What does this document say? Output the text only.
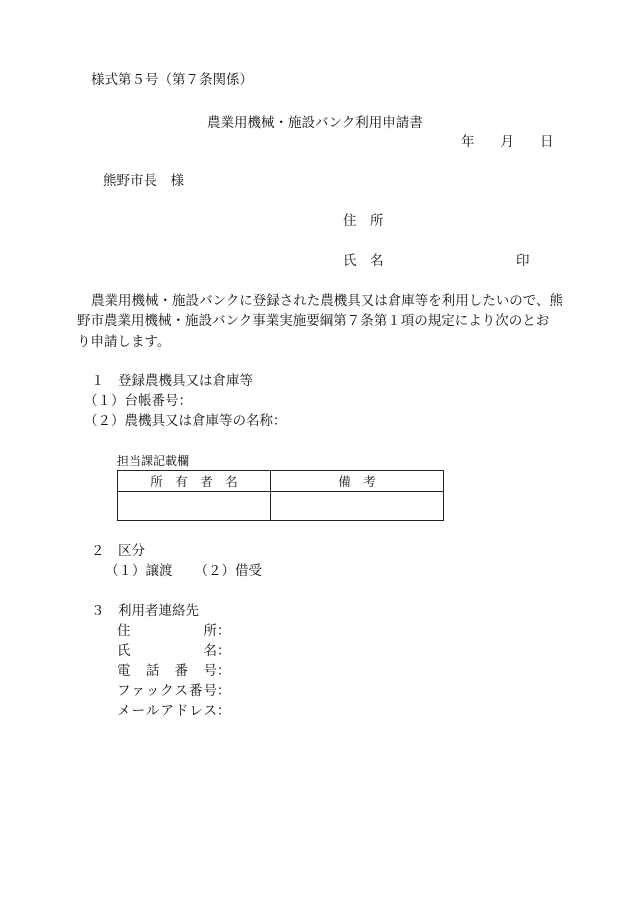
様式第５号（第７条関係）
農業用機械・施設バンク利用申請書
年 月 日
熊野市長　様
住　所
氏　名	印
農業用機械・施設バンクに登録された農機具又は倉庫等を利用したいので、熊
野市農業用機械・施設バンク事業実施要綱第７条第１項の規定により次のとお
り申請します。
１　登録農機具又は倉庫等
（１）台帳番号：
（２）農機具又は倉庫等の名称：
担当課記載欄
所　有　者　名	備　考

２　区分
（１）譲渡 （２）借受
３　利用者連絡先
住所：
氏名：
電話番号：
ファックス番号：
メールアドレス：
